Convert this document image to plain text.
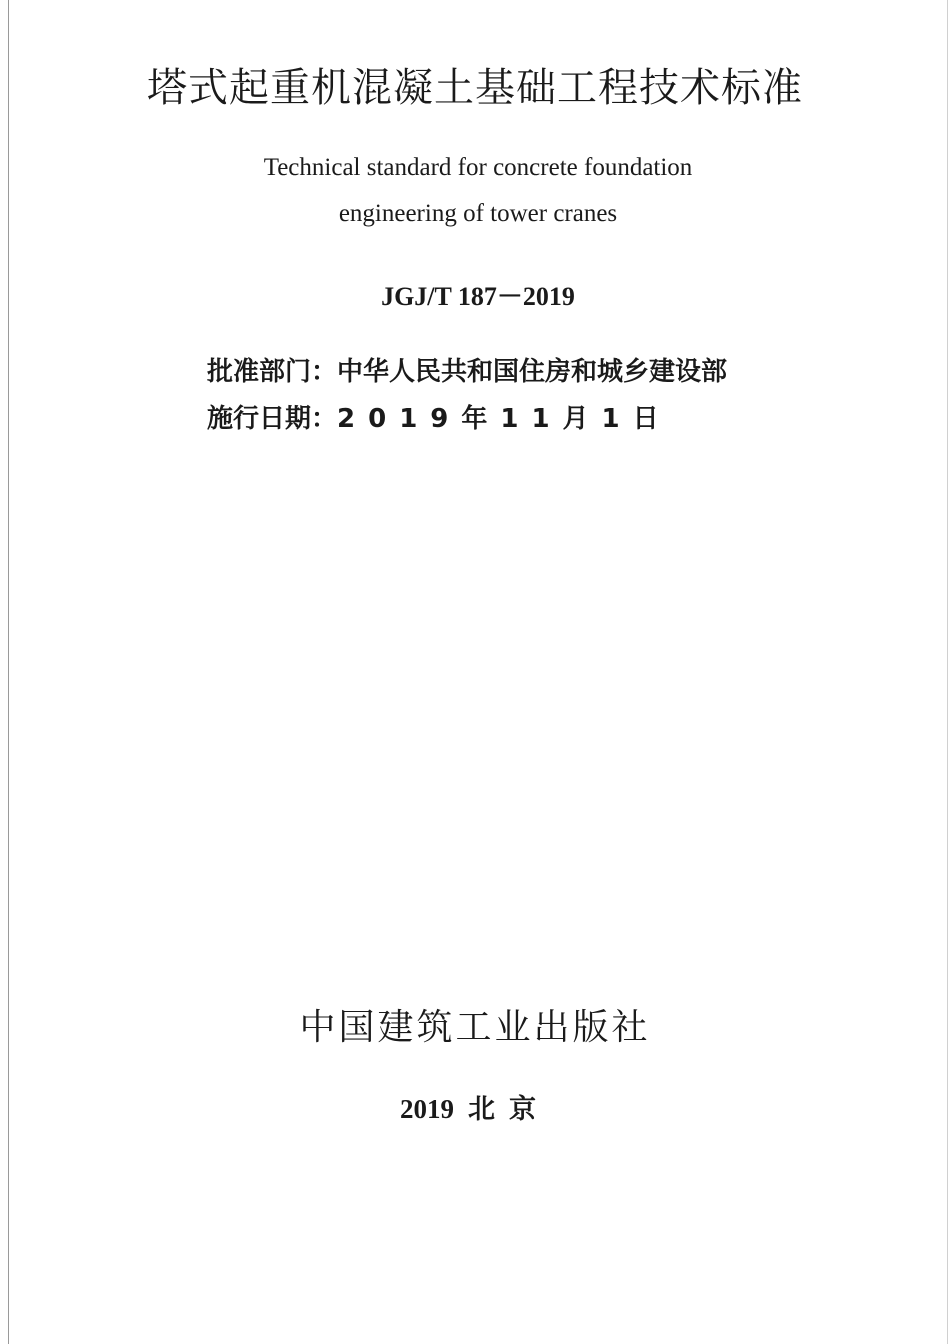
塔式起重机混凝土基础工程技术标准
Technical standard for concrete foundation
engineering of tower cranes
JGJ/T 187－2019
批准部门：中华人民共和国住房和城乡建设部
施行日期：2019年11月1日
中国建筑工业出版社
2019 北京
